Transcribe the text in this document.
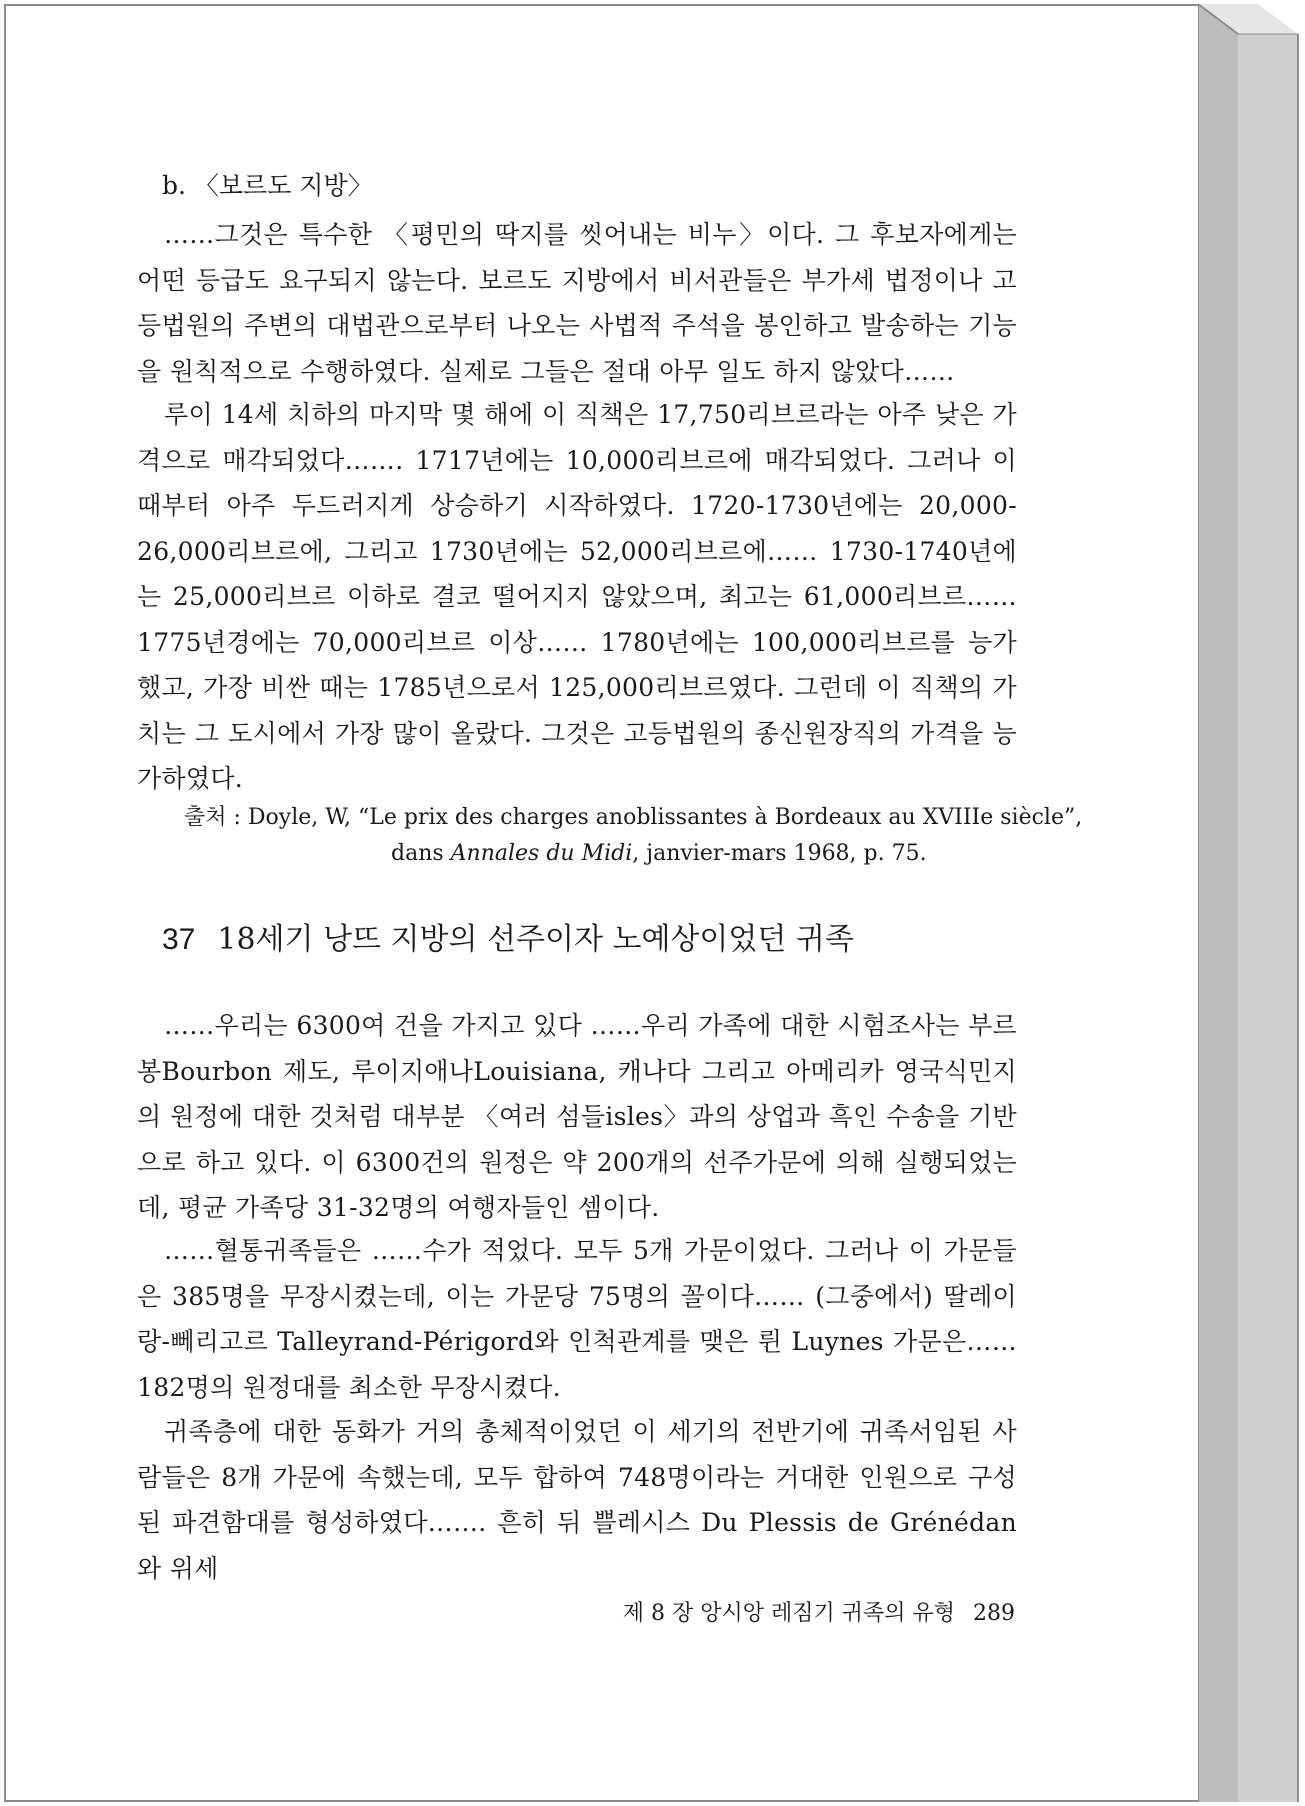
b. 〈보르도 지방〉
……그것은 특수한 〈평민의 딱지를 씻어내는 비누〉이다. 그 후보자에게는 어떤 등급도 요구되지 않는다. 보르도 지방에서 비서관들은 부가세 법정이나 고등법원의 주변의 대법관으로부터 나오는 사법적 주석을 봉인하고 발송하는 기능을 원칙적으로 수행하였다. 실제로 그들은 절대 아무 일도 하지 않았다……
루이 14세 치하의 마지막 몇 해에 이 직책은 17,750리브르라는 아주 낮은 가격으로 매각되었다……. 1717년에는 10,000리브르에 매각되었다. 그러나 이때부터 아주 두드러지게 상승하기 시작하였다. 1720-1730년에는 20,000-26,000리브르에, 그리고 1730년에는 52,000리브르에…… 1730-1740년에는 25,000리브르 이하로 결코 떨어지지 않았으며, 최고는 61,000리브르…… 1775년경에는 70,000리브르 이상…… 1780년에는 100,000리브르를 능가했고, 가장 비싼 때는 1785년으로서 125,000리브르였다. 그런데 이 직책의 가치는 그 도시에서 가장 많이 올랐다. 그것은 고등법원의 종신원장직의 가격을 능가하였다.
출처 : Doyle, W, “Le prix des charges anoblissantes à Bordeaux au XVIIIe siècle”,
dans Annales du Midi, janvier-mars 1968, p. 75.
37 18세기 낭뜨 지방의 선주이자 노예상이었던 귀족
……우리는 6300여 건을 가지고 있다 ……우리 가족에 대한 시험조사는 부르봉Bourbon 제도, 루이지애나Louisiana, 캐나다 그리고 아메리카 영국식민지의 원정에 대한 것처럼 대부분 〈여러 섬들isles〉과의 상업과 흑인 수송을 기반으로 하고 있다. 이 6300건의 원정은 약 200개의 선주가문에 의해 실행되었는데, 평균 가족당 31-32명의 여행자들인 셈이다.
……혈통귀족들은 ……수가 적었다. 모두 5개 가문이었다. 그러나 이 가문들은 385명을 무장시켰는데, 이는 가문당 75명의 꼴이다…… (그중에서) 딸레이랑-뻬리고르 Talleyrand-Périgord와 인척관계를 맺은 륀 Luynes 가문은…… 182명의 원정대를 최소한 무장시켰다.
귀족층에 대한 동화가 거의 총체적이었던 이 세기의 전반기에 귀족서임된 사람들은 8개 가문에 속했는데, 모두 합하여 748명이라는 거대한 인원으로 구성된 파견함대를 형성하였다……. 흔히 뒤 쁠레시스 Du Plessis de Grénédan와 위세
제 8 장 앙시앙 레짐기 귀족의 유형 289
